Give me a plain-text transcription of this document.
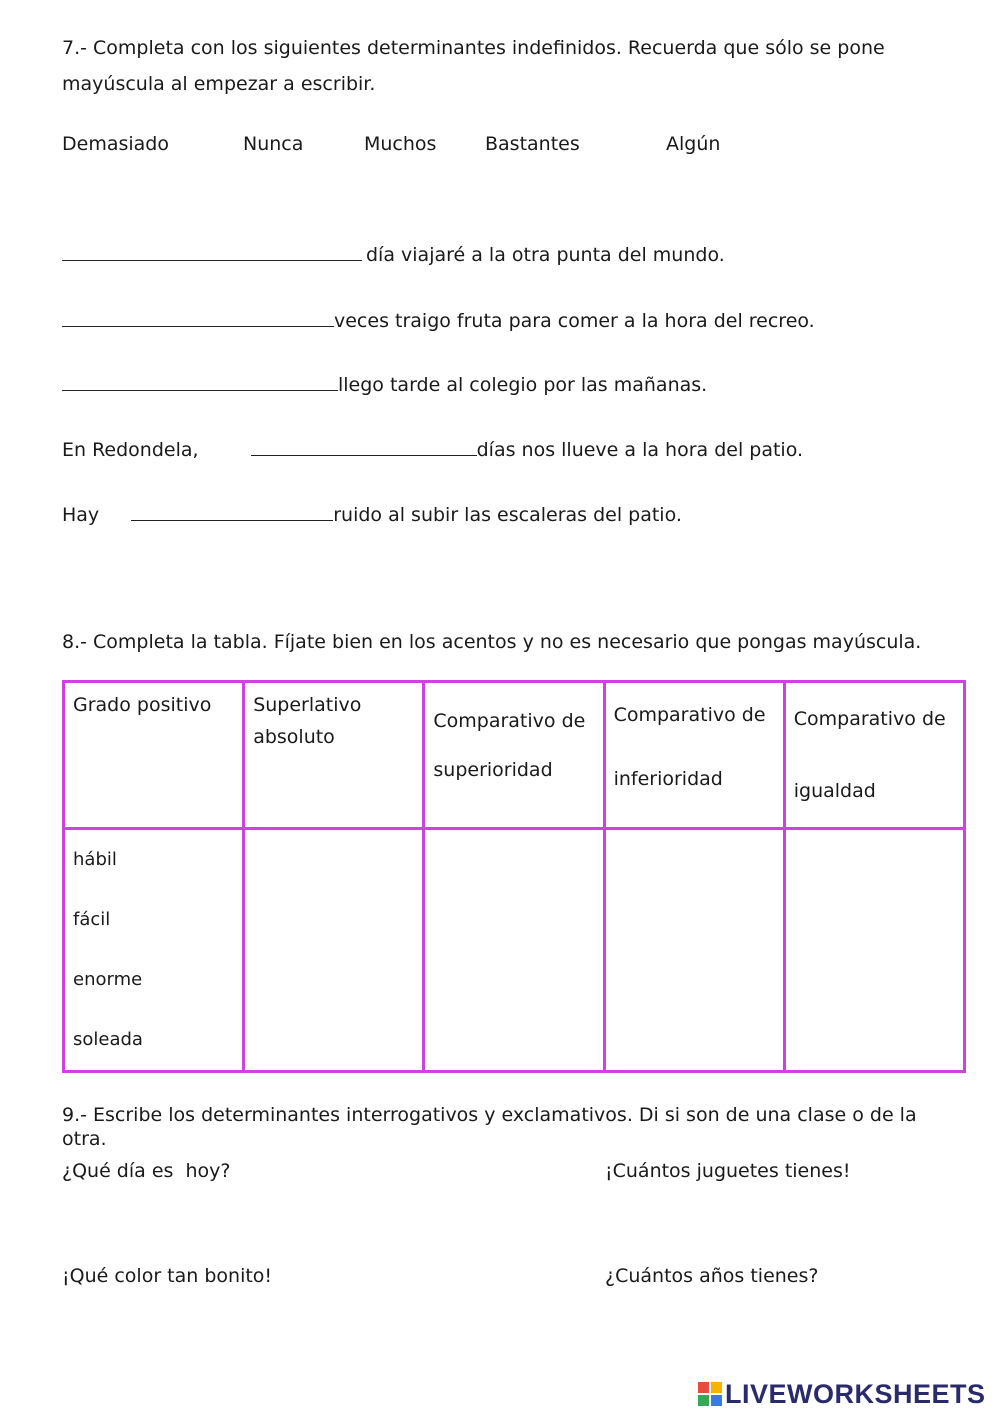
7.- Completa con los siguientes determinantes indefinidos. Recuerda que sólo se pone mayúscula al empezar a escribir.
Demasiado	Nunca	Muchos	Bastantes	Algún
día viajaré a la otra punta del mundo.
veces traigo fruta para comer a la hora del recreo.
llego tarde al colegio por las mañanas.
En Redondela,	días nos llueve a la hora del patio.
Hay	ruido al subir las escaleras del patio.
8.- Completa la tabla. Fíjate bien en los acentos y no es necesario que pongas mayúscula.
Grado positivo	Superlativo absoluto	Comparativo de superioridad	Comparativo de inferioridad	Comparativo de igualdad

hábil
fácil
enorme
soleada				

9.- Escribe los determinantes interrogativos y exclamativos. Di si son de una clase o de la otra.
¿Qué día es  hoy?	¡Cuántos juguetes tienes!
¡Qué color tan bonito!	¿Cuántos años tienes?
LIVEWORKSHEETS
